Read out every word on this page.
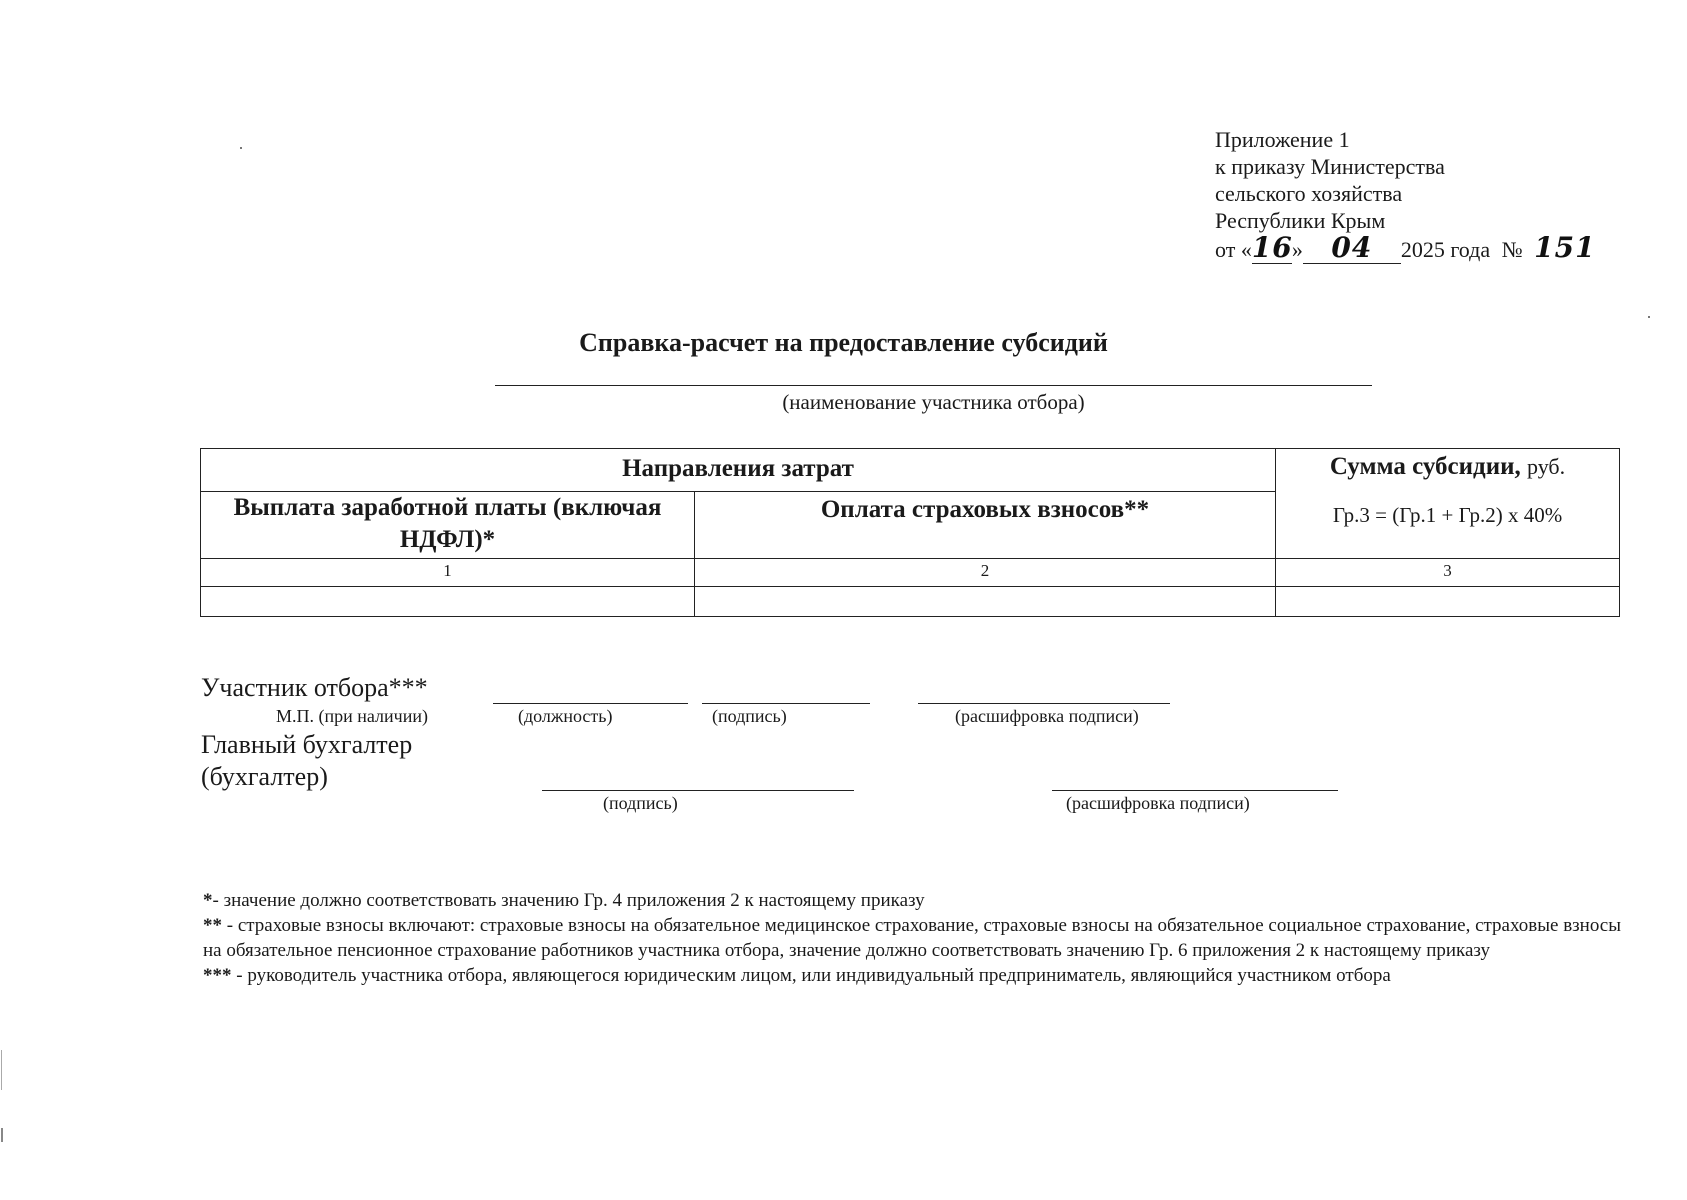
Приложение 1
к приказу Министерства
сельского хозяйства
Республики Крым
от «16» 04 2025 года № 151
Справка-расчет на предоставление субсидий
(наименование участника отбора)
Направления затрат		Сумма субсидии, руб.
Гр.3 = (Гр.1 + Гр.2) х 40%

Выплата заработной платы (включая НДФЛ)*	Оплата страховых взносов**	
1	2	3

Участник отбора***
М.П. (при наличии)	(должность)	(подпись)	(расшифровка подписи)
Главный бухгалтер
(бухгалтер)
(подпись)	(расшифровка подписи)

*- значение должно соответствовать значению Гр. 4 приложения 2 к настоящему приказу

** - страховые взносы включают: страховые взносы на обязательное медицинское страхование, страховые взносы на обязательное социальное страхование, страховые взносы на обязательное пенсионное страхование работников участника отбора, значение должно соответствовать значению Гр. 6 приложения 2 к настоящему приказу

*** - руководитель участника отбора, являющегося юридическим лицом, или индивидуальный предприниматель, являющийся участником отбора
